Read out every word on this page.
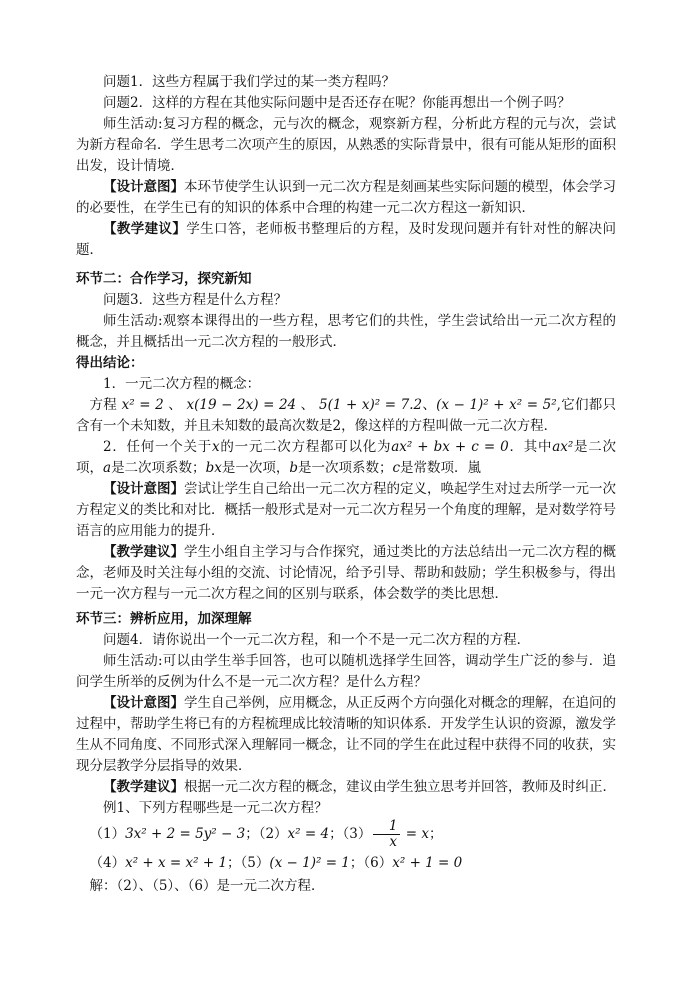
问题1．这些方程属于我们学过的某一类方程吗？

问题2．这样的方程在其他实际问题中是否还存在呢？你能再想出一个例子吗？

师生活动:复习方程的概念，元与次的概念，观察新方程，分析此方程的元与次，尝试为新方程命名．学生思考二次项产生的原因，从熟悉的实际背景中，很有可能从矩形的面积出发，设计情境．

【设计意图】本环节使学生认识到一元二次方程是刻画某些实际问题的模型，体会学习的必要性，在学生已有的知识的体系中合理的构建一元二次方程这一新知识．

【教学建议】学生口答，老师板书整理后的方程，及时发现问题并有针对性的解决问题．

环节二：合作学习，探究新知

问题3．这些方程是什么方程？

师生活动:观察本课得出的一些方程，思考它们的共性，学生尝试给出一元二次方程的概念，并且概括出一元二次方程的一般形式．

得出结论：

1．一元二次方程的概念：

方程 x² = 2 、 x(19 − 2x) = 24 、 5(1 + x)² = 7.2、(x − 1)² + x² = 5²,它们都只含有一个未知数，并且未知数的最高次数是2，像这样的方程叫做一元二次方程．

2．任何一个关于x的一元二次方程都可以化为ax² + bx + c = 0．其中ax²是二次项，a是二次项系数；bx是一次项，b是一次项系数；c是常数项．嵐

【设计意图】尝试让学生自己给出一元二次方程的定义，唤起学生对过去所学一元一次方程定义的类比和对比．概括一般形式是对一元二次方程另一个角度的理解，是对数学符号语言的应用能力的提升．

【教学建议】学生小组自主学习与合作探究，通过类比的方法总结出一元二次方程的概念，老师及时关注每小组的交流、讨论情况，给予引导、帮助和鼓励；学生积极参与，得出一元一次方程与一元二次方程之间的区别与联系，体会数学的类比思想．

环节三：辨析应用，加深理解

问题4．请你说出一个一元二次方程，和一个不是一元二次方程的方程．

师生活动:可以由学生举手回答，也可以随机选择学生回答，调动学生广泛的参与．追问学生所举的反例为什么不是一元二次方程？是什么方程？

【设计意图】学生自己举例，应用概念，从正反两个方向强化对概念的理解，在追问的过程中，帮助学生将已有的方程梳理成比较清晰的知识体系．开发学生认识的资源，激发学生从不同角度、不同形式深入理解同一概念，让不同的学生在此过程中获得不同的收获，实现分层教学分层指导的效果．

【教学建议】根据一元二次方程的概念，建议由学生独立思考并回答，教师及时纠正．

例1、下列方程哪些是一元二次方程？

（1）3x² + 2 = 5y² − 3；（2）x² = 4；$(3) \frac{1}{x} = x$；

（4）x² + x = x² + 1；（5）(x − 1)² = 1；（6）x² + 1 = 0

解：（2）、（5）、（6）是一元二次方程．
